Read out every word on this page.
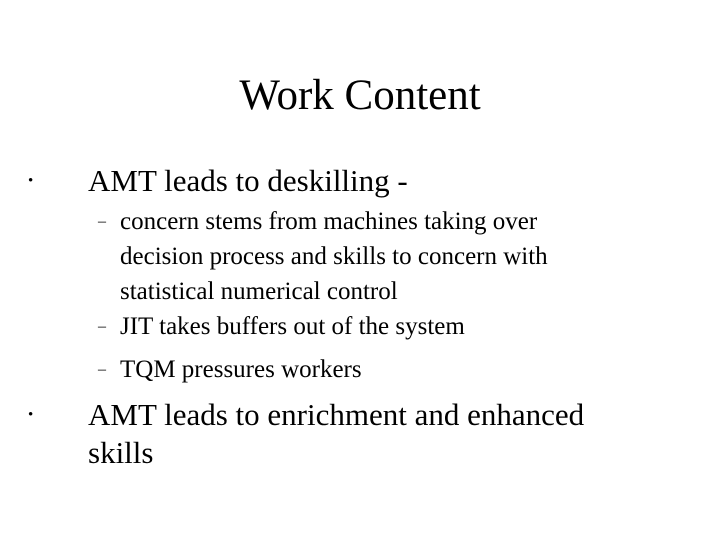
Work Content
• AMT leads to deskilling -
– concern stems from machines taking over decision process and skills to concern with statistical numerical control
– JIT takes buffers out of the system
– TQM pressures workers
• AMT leads to enrichment and enhanced skills
